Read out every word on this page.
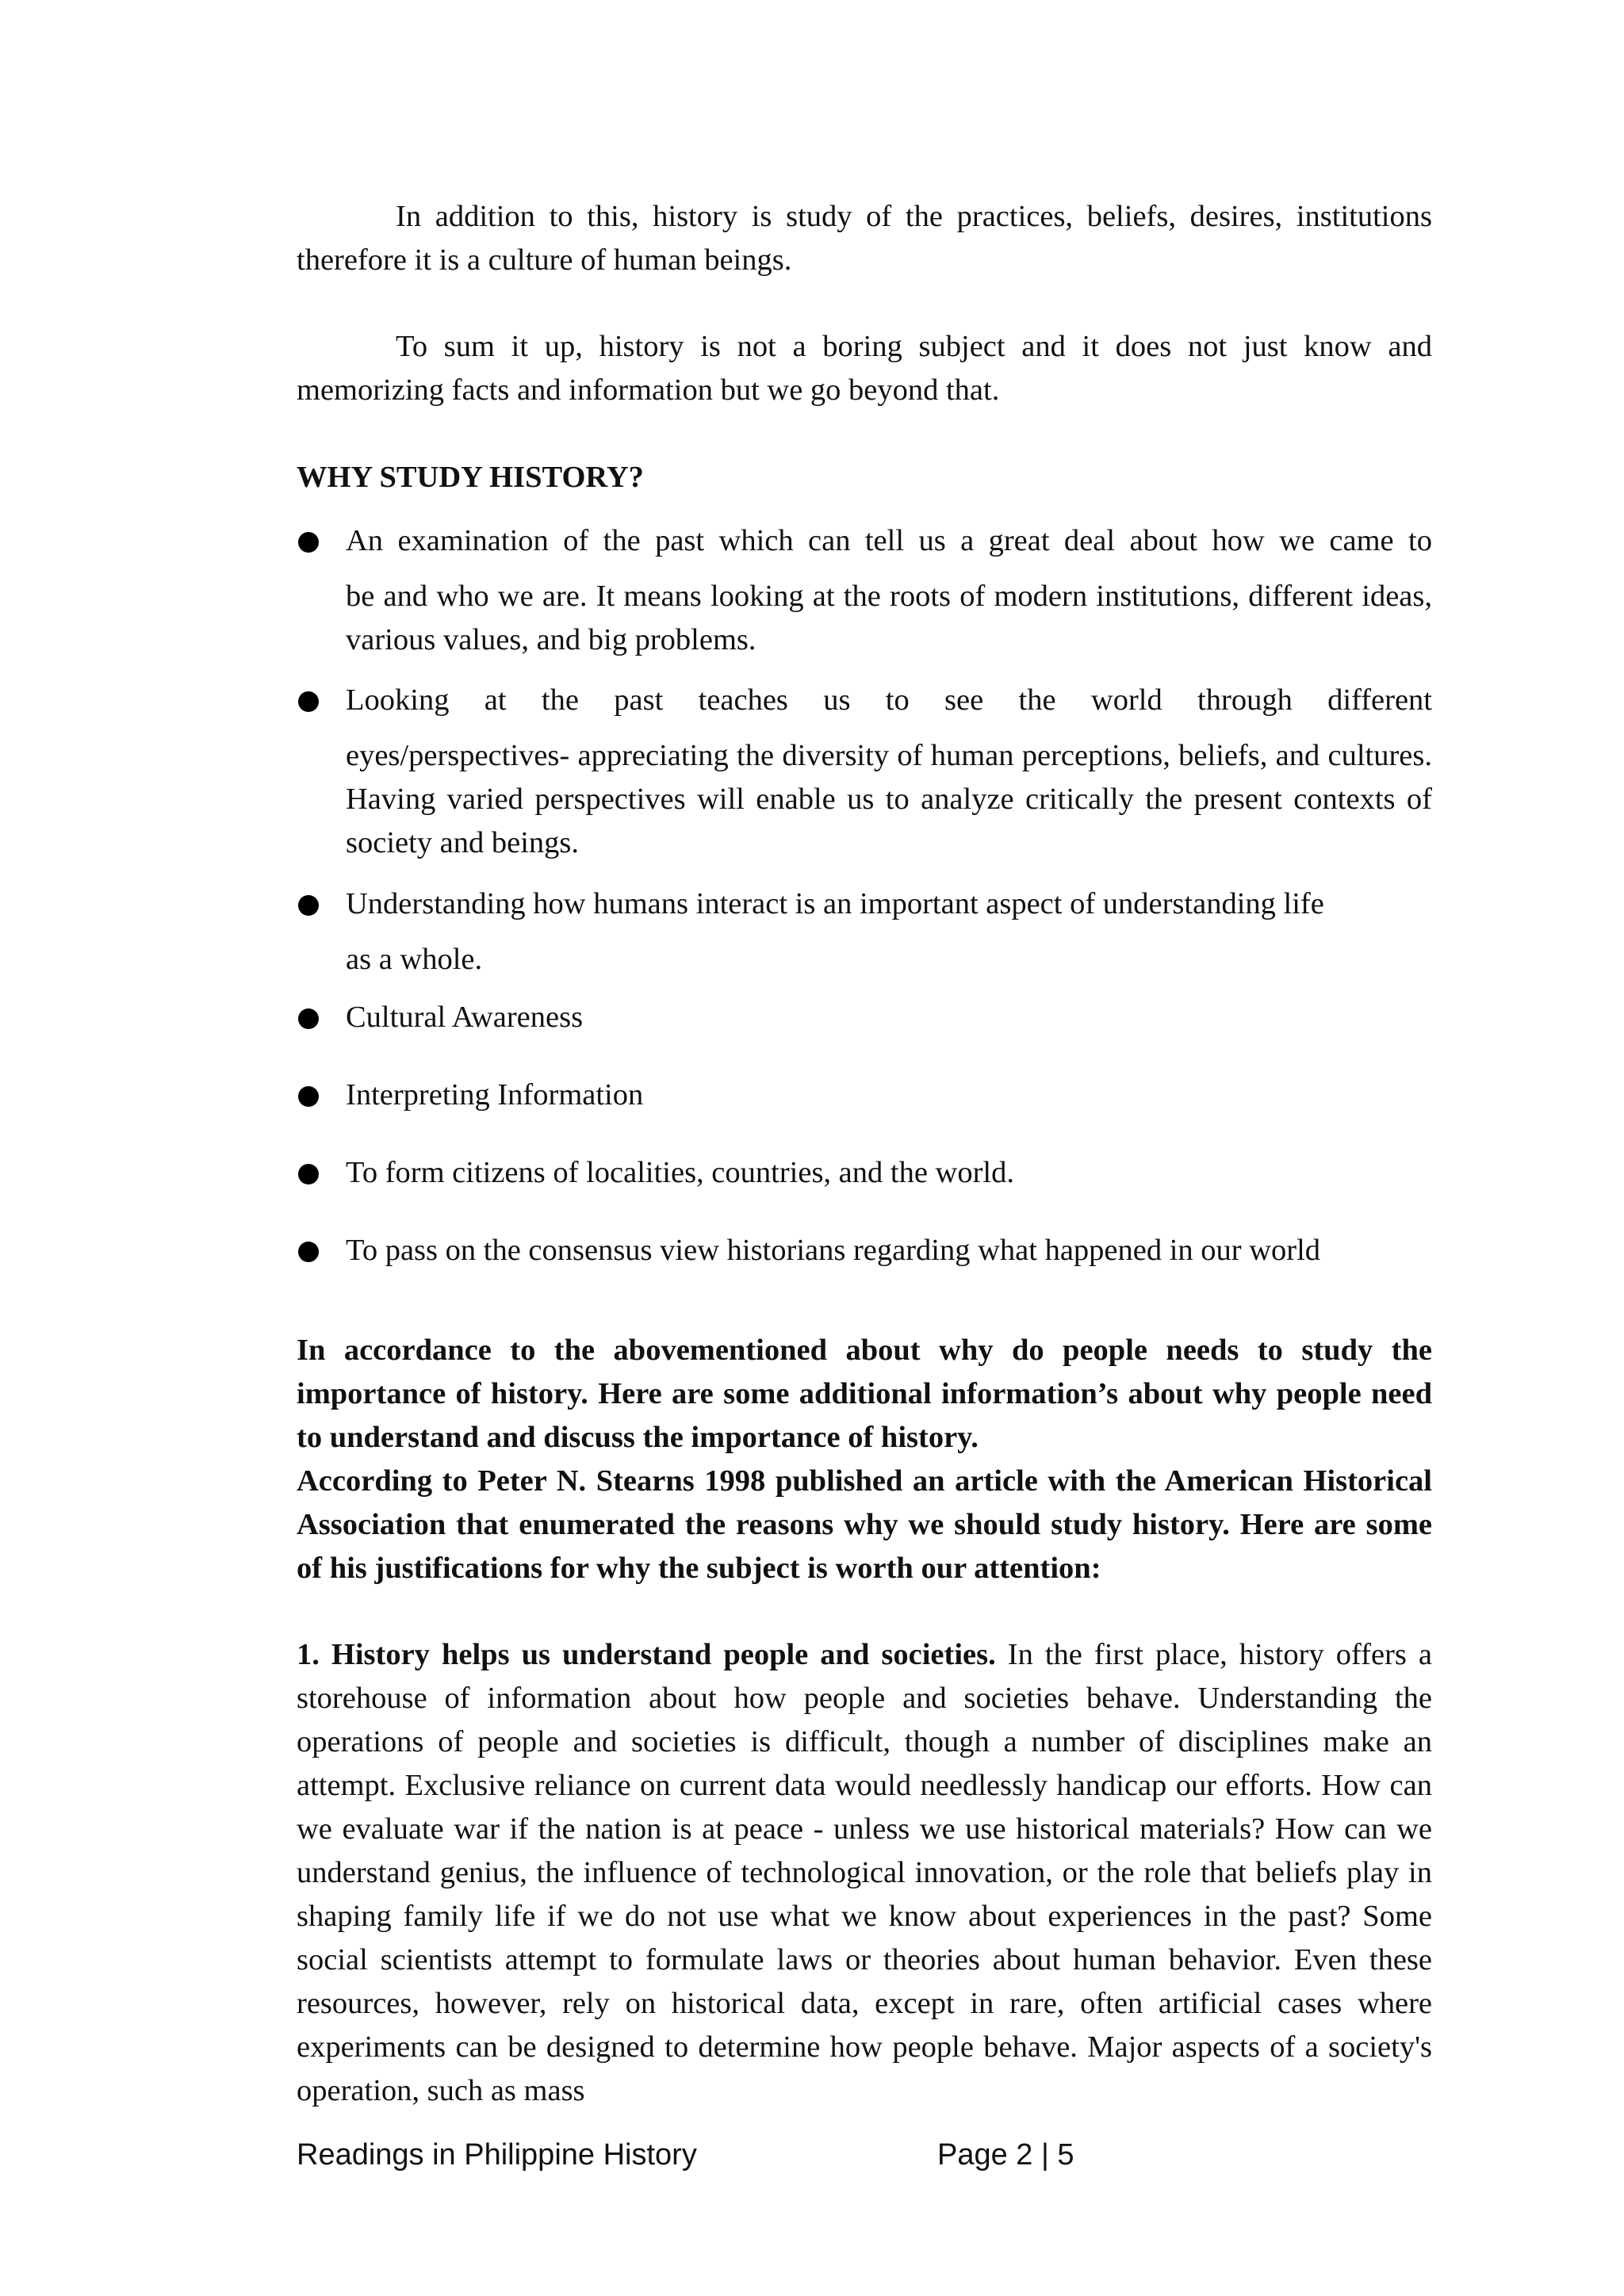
In addition to this, history is study of the practices, beliefs, desires, institutions therefore it is a culture of human beings.

To sum it up, history is not a boring subject and it does not just know and memorizing facts and information but we go beyond that.

WHY STUDY HISTORY?
An examination of the past which can tell us a great deal about how we came to
be and who we are. It means looking at the roots of modern institutions, different ideas, various values, and big problems.
Looking at the past teaches us to see the world through different
eyes/perspectives- appreciating the diversity of human perceptions, beliefs, and cultures. Having varied perspectives will enable us to analyze critically the present contexts of society and beings.
Understanding how humans interact is an important aspect of understanding life
as a whole.
Cultural Awareness
Interpreting Information
To form citizens of localities, countries, and the world.
To pass on the consensus view historians regarding what happened in our world
In accordance to the abovementioned about why do people needs to study the importance of history. Here are some additional information’s about why people need to understand and discuss the importance of history.
According to Peter N. Stearns 1998 published an article with the American Historical Association that enumerated the reasons why we should study history. Here are some of his justifications for why the subject is worth our attention:

1. History helps us understand people and societies. In the first place, history offers a storehouse of information about how people and societies behave. Understanding the operations of people and societies is difficult, though a number of disciplines make an attempt. Exclusive reliance on current data would needlessly handicap our efforts. How can we evaluate war if the nation is at peace - unless we use historical materials? How can we understand genius, the influence of technological innovation, or the role that beliefs play in shaping family life if we do not use what we know about experiences in the past? Some social scientists attempt to formulate laws or theories about human behavior. Even these resources, however, rely on historical data, except in rare, often artificial cases where experiments can be designed to determine how people behave. Major aspects of a society's operation, such as mass

Readings in Philippine History	Page 2 | 5
